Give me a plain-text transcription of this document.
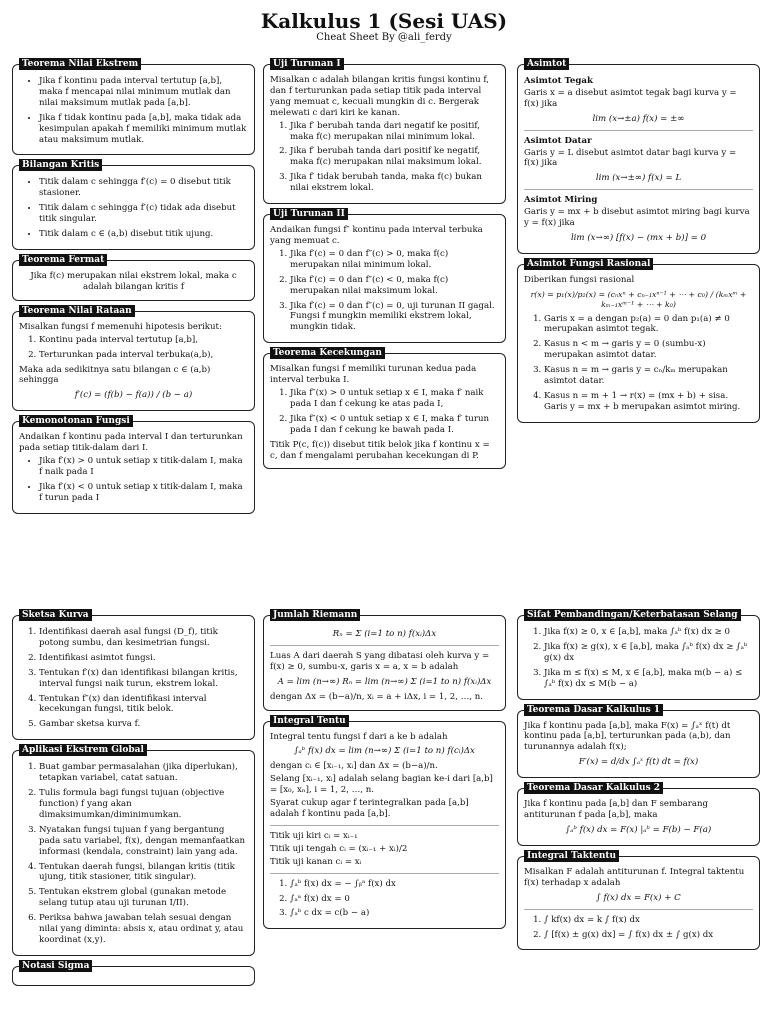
Kalkulus 1 (Sesi UAS)
Cheat Sheet By @ali_ferdy
Teorema Nilai Ekstrem
• Jika f kontinu pada interval tertutup [a,b], maka f mencapai nilai minimum mutlak dan nilai maksimum mutlak pada [a,b].
• Jika f tidak kontinu pada [a,b], maka tidak ada kesimpulan apakah f memiliki minimum mutlak atau maksimum mutlak.
Bilangan Kritis
• Titik dalam c sehingga f′(c) = 0 disebut titik stasioner.
• Titik dalam c sehingga f′(c) tidak ada disebut titik singular.
• Titik dalam c ∈ (a,b) disebut titik ujung.
Teorema Fermat

Jika f(c) merupakan nilai ekstrem lokal, maka c adalah bilangan kritis f

Teorema Nilai Rataan

Misalkan fungsi f memenuhi hipotesis berikut:

1. Kontinu pada interval tertutup [a,b],
2. Terturunkan pada interval terbuka(a,b),

Maka ada sedikitnya satu bilangan c ∈ (a,b) sehingga

f′(c) = (f(b) − f(a)) / (b − a)
Kemonotonan Fungsi

Andaikan f kontinu pada interval I dan terturunkan pada setiap titik-dalam dari I.

• Jika f′(x) > 0 untuk setiap x titik-dalam I, maka f naik pada I
• Jika f′(x) < 0 untuk setiap x titik-dalam I, maka f turun pada I
Uji Turunan I

Misalkan c adalah bilangan kritis fungsi kontinu f, dan f terturunkan pada setiap titik pada interval yang memuat c, kecuali mungkin di c. Bergerak melewati c dari kiri ke kanan.

1. Jika f′ berubah tanda dari negatif ke positif, maka f(c) merupakan nilai minimum lokal.
2. Jika f′ berubah tanda dari positif ke negatif, maka f(c) merupakan nilai maksimum lokal.
3. Jika f′ tidak berubah tanda, maka f(c) bukan nilai ekstrem lokal.
Uji Turunan II

Andaikan fungsi f″ kontinu pada interval terbuka yang memuat c.

1. Jika f′(c) = 0 dan f″(c) > 0, maka f(c) merupakan nilai minimum lokal.
2. Jika f′(c) = 0 dan f″(c) < 0, maka f(c) merupakan nilai maksimum lokal.
3. Jika f′(c) = 0 dan f″(c) = 0, uji turunan II gagal. Fungsi f mungkin memiliki ekstrem lokal, mungkin tidak.
Teorema Kecekungan

Misalkan fungsi f memiliki turunan kedua pada interval terbuka I.

1. Jika f″(x) > 0 untuk setiap x ∈ I, maka f′ naik pada I dan f cekung ke atas pada I,
2. Jika f″(x) < 0 untuk setiap x ∈ I, maka f′ turun pada I dan f cekung ke bawah pada I.

Titik P(c, f(c)) disebut titik belok jika f kontinu x = c, dan f mengalami perubahan kecekungan di P.

Asimtot
Asimtot Tegak

Garis x = a disebut asimtot tegak bagi kurva y = f(x) jika

lim (x→±a) f(x) = ±∞
Asimtot Datar

Garis y = L disebut asimtot datar bagi kurva y = f(x) jika

lim (x→±∞) f(x) = L
Asimtot Miring

Garis y = mx + b disebut asimtot miring bagi kurva y = f(x) jika

lim (x→∞) [f(x) − (mx + b)] = 0
Asimtot Fungsi Rasional

Diberikan fungsi rasional

r(x) = p₁(x)/p₂(x) = (cₙxⁿ + cₙ₋₁xⁿ⁻¹ + ⋯ + c₀) / (kₘxᵐ + kₘ₋₁xᵐ⁻¹ + ⋯ + k₀)
1. Garis x = a dengan p₂(a) = 0 dan p₁(a) ≠ 0 merupakan asimtot tegak.
2. Kasus n < m → garis y = 0 (sumbu-x) merupakan asimtot datar.
3. Kasus n = m → garis y = cₙ/kₘ merupakan asimtot datar.
4. Kasus n = m + 1 → r(x) = (mx + b) + sisa. Garis y = mx + b merupakan asimtot miring.
Sketsa Kurva
1. Identifikasi daerah asal fungsi (D_f), titik potong sumbu, dan kesimetrian fungsi.
2. Identifikasi asimtot fungsi.
3. Tentukan f′(x) dan identifikasi bilangan kritis, interval fungsi naik turun, ekstrem lokal.
4. Tentukan f″(x) dan identifikasi interval kecekungan fungsi, titik belok.
5. Gambar sketsa kurva f.
Aplikasi Ekstrem Global
1. Buat gambar permasalahan (jika diperlukan), tetapkan variabel, catat satuan.
2. Tulis formula bagi fungsi tujuan (objective function) f yang akan dimaksimumkan/diminimumkan.
3. Nyatakan fungsi tujuan f yang bergantung pada satu variabel, f(x), dengan memanfaatkan informasi (kendala, constraint) lain yang ada.
4. Tentukan daerah fungsi, bilangan kritis (titik ujung, titik stasioner, titik singular).
5. Tentukan ekstrem global (gunakan metode selang tutup atau uji turunan I/II).
6. Periksa bahwa jawaban telah sesuai dengan nilai yang diminta: absis x, atau ordinat y, atau koordinat (x,y).
Notasi Sigma
Jumlah Riemann
Rₙ = Σ (i=1 to n) f(xᵢ)Δx

Luas A dari daerah S yang dibatasi oleh kurva y = f(x) ≥ 0, sumbu-x, garis x = a, x = b adalah

A = lim (n→∞) Rₙ = lim (n→∞) Σ (i=1 to n) f(xᵢ)Δx

dengan Δx = (b−a)/n, xᵢ = a + iΔx, i = 1, 2, …, n.

Integral Tentu

Integral tentu fungsi f dari a ke b adalah

∫ₐᵇ f(x) dx = lim (n→∞) Σ (i=1 to n) f(cᵢ)Δx

dengan cᵢ ∈ [xᵢ₋₁, xᵢ] dan Δx = (b−a)/n.

Selang [xᵢ₋₁, xᵢ] adalah selang bagian ke-i dari [a,b] = [x₀, xₙ], i = 1, 2, …, n.

Syarat cukup agar f terintegralkan pada [a,b] adalah f kontinu pada [a,b].

Titik uji kiri cᵢ = xᵢ₋₁

Titik uji tengah cᵢ = (xᵢ₋₁ + xᵢ)/2

Titik uji kanan cᵢ = xᵢ

1. ∫ₐᵇ f(x) dx = − ∫ᵦᵃ f(x) dx
2. ∫ₐᵃ f(x) dx = 0
3. ∫ₐᵇ c dx = c(b − a)
Sifat Pembandingan/Keterbatasan Selang
1. Jika f(x) ≥ 0, x ∈ [a,b], maka ∫ₐᵇ f(x) dx ≥ 0
2. Jika f(x) ≥ g(x), x ∈ [a,b], maka ∫ₐᵇ f(x) dx ≥ ∫ₐᵇ g(x) dx
3. Jika m ≤ f(x) ≤ M, x ∈ [a,b], maka m(b − a) ≤ ∫ₐᵇ f(x) dx ≤ M(b − a)
Teorema Dasar Kalkulus 1

Jika f kontinu pada [a,b], maka F(x) = ∫ₐˣ f(t) dt kontinu pada [a,b], terturunkan pada (a,b), dan turunannya adalah f(x);

F′(x) = d/dx ∫ₐˣ f(t) dt = f(x)
Teorema Dasar Kalkulus 2

Jika f kontinu pada [a,b] dan F sembarang antiturunan f pada [a,b], maka

∫ₐᵇ f(x) dx = F(x) |ₐᵇ = F(b) − F(a)
Integral Taktentu

Misalkan F adalah antiturunan f. Integral taktentu f(x) terhadap x adalah

∫ f(x) dx = F(x) + C
1. ∫ kf(x) dx = k ∫ f(x) dx
2. ∫ [f(x) ± g(x) dx] = ∫ f(x) dx ± ∫ g(x) dx
